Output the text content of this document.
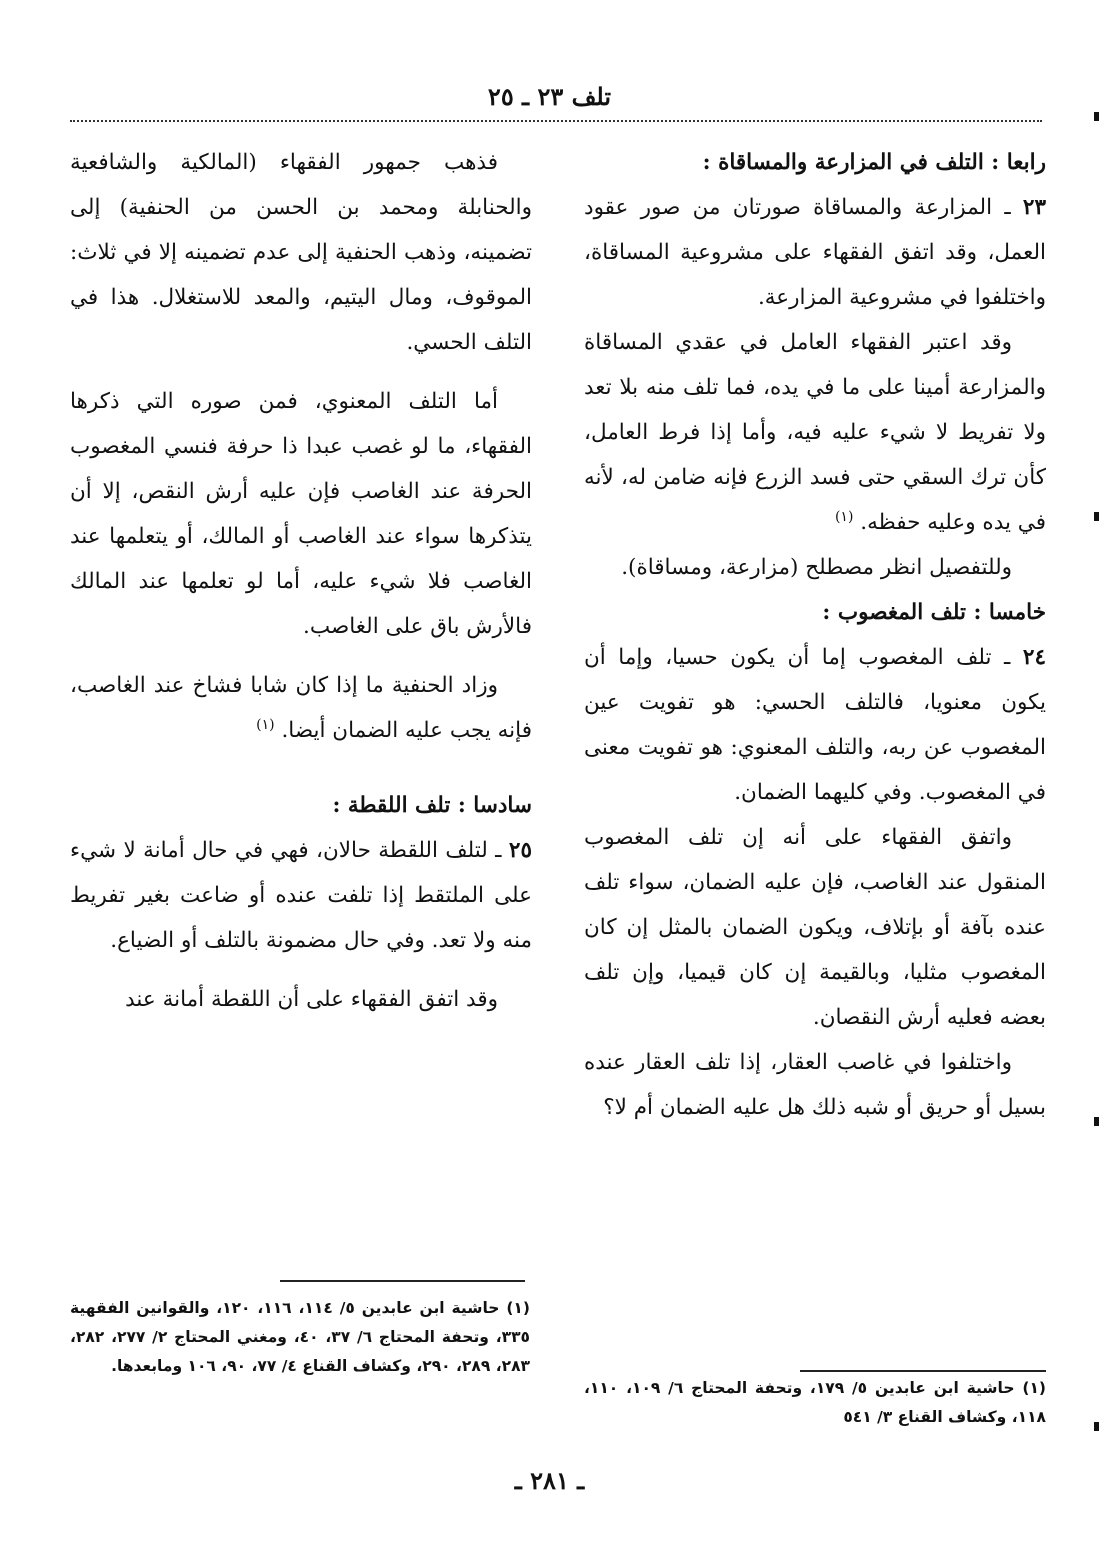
تلف ٢٣ ـ ٢٥

رابعا : التلف في المزارعة والمساقاة :

٢٣ ـ المزارعة والمساقاة صورتان من صور عقود العمل، وقد اتفق الفقهاء على مشروعية المساقاة، واختلفوا في مشروعية المزارعة.

وقد اعتبر الفقهاء العامل في عقدي المساقاة والمزارعة أمينا على ما في يده، فما تلف منه بلا تعد ولا تفريط لا شيء عليه فيه، وأما إذا فرط العامل، كأن ترك السقي حتى فسد الزرع فإنه ضامن له، لأنه في يده وعليه حفظه. $^{(١)}$

وللتفصيل انظر مصطلح (مزارعة، ومساقاة).

خامسا : تلف المغصوب :

٢٤ ـ تلف المغصوب إما أن يكون حسيا، وإما أن يكون معنويا، فالتلف الحسي: هو تفويت عين المغصوب عن ربه، والتلف المعنوي: هو تفويت معنى في المغصوب. وفي كليهما الضمان.

واتفق الفقهاء على أنه إن تلف المغصوب المنقول عند الغاصب، فإن عليه الضمان، سواء تلف عنده بآفة أو بإتلاف، ويكون الضمان بالمثل إن كان المغصوب مثليا، وبالقيمة إن كان قيميا، وإن تلف بعضه فعليه أرش النقصان.

واختلفوا في غاصب العقار، إذا تلف العقار عنده بسيل أو حريق أو شبه ذلك هل عليه الضمان أم لا؟

فذهب جمهور الفقهاء (المالكية والشافعية والحنابلة ومحمد بن الحسن من الحنفية) إلى تضمينه، وذهب الحنفية إلى عدم تضمينه إلا في ثلاث: الموقوف، ومال اليتيم، والمعد للاستغلال. هذا في التلف الحسي.

أما التلف المعنوي، فمن صوره التي ذكرها الفقهاء، ما لو غصب عبدا ذا حرفة فنسي المغصوب الحرفة عند الغاصب فإن عليه أرش النقص، إلا أن يتذكرها سواء عند الغاصب أو المالك، أو يتعلمها عند الغاصب فلا شيء عليه، أما لو تعلمها عند المالك فالأرش باق على الغاصب.

وزاد الحنفية ما إذا كان شابا فشاخ عند الغاصب، فإنه يجب عليه الضمان أيضا. $^{(١)}$

سادسا : تلف اللقطة :

٢٥ ـ لتلف اللقطة حالان، فهي في حال أمانة لا شيء على الملتقط إذا تلفت عنده أو ضاعت بغير تفريط منه ولا تعد. وفي حال مضمونة بالتلف أو الضياع.

وقد اتفق الفقهاء على أن اللقطة أمانة عند

(١) حاشية ابن عابدين ٥/ ١١٤، ١١٦، ١٢٠، والقوانين الفقهية ٣٣٥، وتحفة المحتاج ٦/ ٣٧، ٤٠، ومغني المحتاج ٢/ ٢٧٧، ٢٨٢، ٢٨٣، ٢٨٩، ٢٩٠، وكشاف القناع ٤/ ٧٧، ٩٠، ١٠٦ ومابعدها.
(١) حاشية ابن عابدين ٥/ ١٧٩، وتحفة المحتاج ٦/ ١٠٩، ١١٠، ١١٨، وكشاف القناع ٣/ ٥٤١
ـ ٢٨١ ـ
